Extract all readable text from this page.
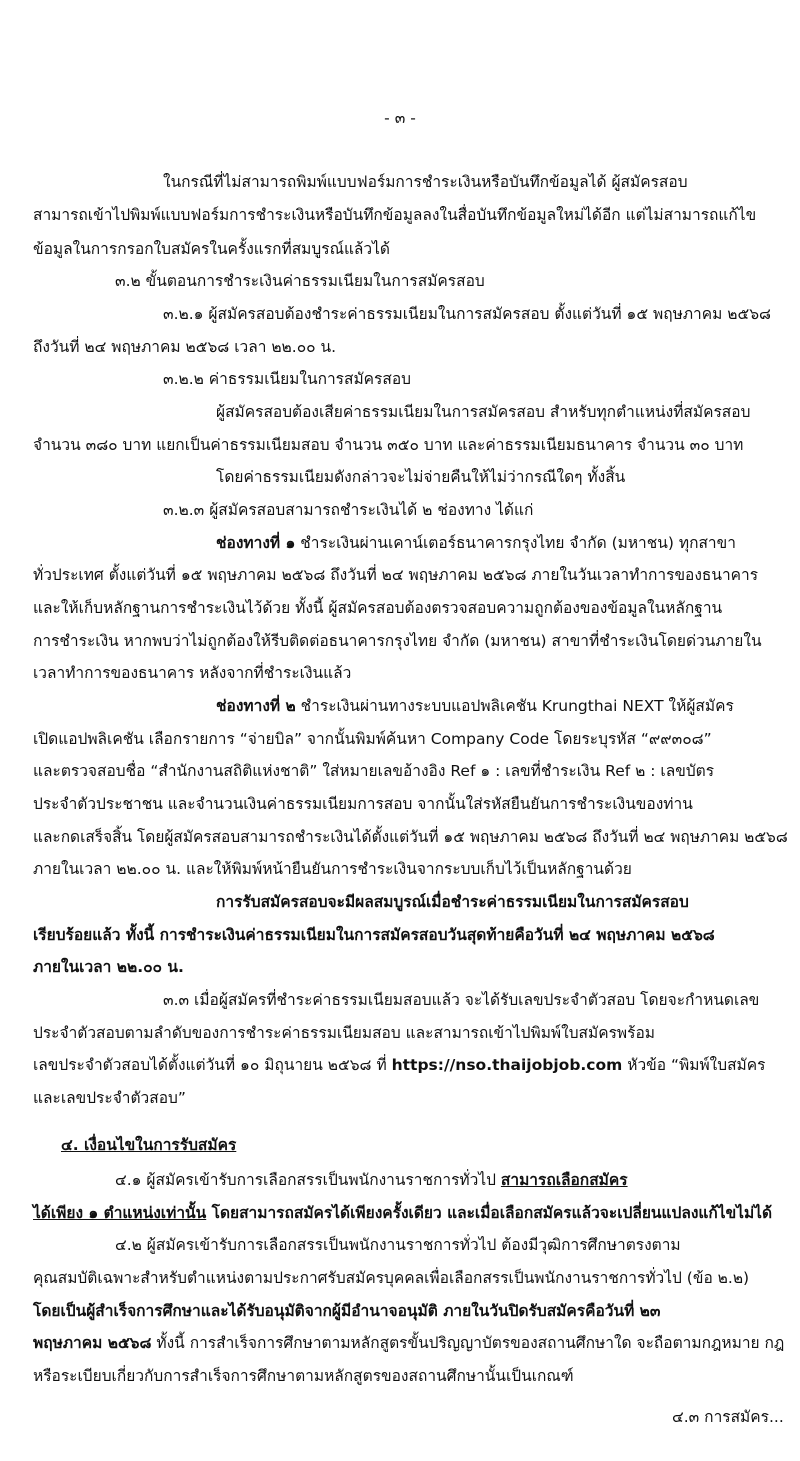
- ๓ -
ในกรณีที่ไม่สามารถพิมพ์แบบฟอร์มการชำระเงินหรือบันทึกข้อมูลได้ ผู้สมัครสอบ
สามารถเข้าไปพิมพ์แบบฟอร์มการชำระเงินหรือบันทึกข้อมูลลงในสื่อบันทึกข้อมูลใหม่ได้อีก แต่ไม่สามารถแก้ไข
ข้อมูลในการกรอกใบสมัครในครั้งแรกที่สมบูรณ์แล้วได้
๓.๒ ขั้นตอนการชำระเงินค่าธรรมเนียมในการสมัครสอบ
๓.๒.๑ ผู้สมัครสอบต้องชำระค่าธรรมเนียมในการสมัครสอบ ตั้งแต่วันที่ ๑๕ พฤษภาคม ๒๕๖๘
ถึงวันที่ ๒๔ พฤษภาคม ๒๕๖๘ เวลา ๒๒.๐๐ น.
๓.๒.๒ ค่าธรรมเนียมในการสมัครสอบ
ผู้สมัครสอบต้องเสียค่าธรรมเนียมในการสมัครสอบ สำหรับทุกตำแหน่งที่สมัครสอบ
จำนวน ๓๘๐ บาท แยกเป็นค่าธรรมเนียมสอบ จำนวน ๓๕๐ บาท และค่าธรรมเนียมธนาคาร จำนวน ๓๐ บาท
โดยค่าธรรมเนียมดังกล่าวจะไม่จ่ายคืนให้ไม่ว่ากรณีใดๆ ทั้งสิ้น
๓.๒.๓ ผู้สมัครสอบสามารถชำระเงินได้ ๒ ช่องทาง ได้แก่
ช่องทางที่ ๑ ชำระเงินผ่านเคาน์เตอร์ธนาคารกรุงไทย จำกัด (มหาชน) ทุกสาขา
ทั่วประเทศ ตั้งแต่วันที่ ๑๕ พฤษภาคม ๒๕๖๘ ถึงวันที่ ๒๔ พฤษภาคม ๒๕๖๘ ภายในวันเวลาทำการของธนาคาร
และให้เก็บหลักฐานการชำระเงินไว้ด้วย ทั้งนี้ ผู้สมัครสอบต้องตรวจสอบความถูกต้องของข้อมูลในหลักฐาน
การชำระเงิน หากพบว่าไม่ถูกต้องให้รีบติดต่อธนาคารกรุงไทย จำกัด (มหาชน) สาขาที่ชำระเงินโดยด่วนภายใน
เวลาทำการของธนาคาร หลังจากที่ชำระเงินแล้ว
ช่องทางที่ ๒ ชำระเงินผ่านทางระบบแอปพลิเคชัน Krungthai NEXT ให้ผู้สมัคร
เปิดแอปพลิเคชัน เลือกรายการ “จ่ายบิล” จากนั้นพิมพ์ค้นหา Company Code โดยระบุรหัส “๙๙๓๐๘”
และตรวจสอบชื่อ “สำนักงานสถิติแห่งชาติ” ใส่หมายเลขอ้างอิง Ref ๑ : เลขที่ชำระเงิน Ref ๒ : เลขบัตร
ประจำตัวประชาชน และจำนวนเงินค่าธรรมเนียมการสอบ จากนั้นใส่รหัสยืนยันการชำระเงินของท่าน
และกดเสร็จสิ้น โดยผู้สมัครสอบสามารถชำระเงินได้ตั้งแต่วันที่ ๑๕ พฤษภาคม ๒๕๖๘ ถึงวันที่ ๒๔ พฤษภาคม ๒๕๖๘
ภายในเวลา ๒๒.๐๐ น. และให้พิมพ์หน้ายืนยันการชำระเงินจากระบบเก็บไว้เป็นหลักฐานด้วย
การรับสมัครสอบจะมีผลสมบูรณ์เมื่อชำระค่าธรรมเนียมในการสมัครสอบ
เรียบร้อยแล้ว ทั้งนี้ การชำระเงินค่าธรรมเนียมในการสมัครสอบวันสุดท้ายคือวันที่ ๒๔ พฤษภาคม ๒๕๖๘
ภายในเวลา ๒๒.๐๐ น.
๓.๓ เมื่อผู้สมัครที่ชำระค่าธรรมเนียมสอบแล้ว จะได้รับเลขประจำตัวสอบ โดยจะกำหนดเลข
ประจำตัวสอบตามลำดับของการชำระค่าธรรมเนียมสอบ และสามารถเข้าไปพิมพ์ใบสมัครพร้อม
เลขประจำตัวสอบได้ตั้งแต่วันที่ ๑๐ มิถุนายน ๒๕๖๘ ที่ https://nso.thaijobjob.com หัวข้อ “พิมพ์ใบสมัคร
และเลขประจำตัวสอบ”
๔. เงื่อนไขในการรับสมัคร
๔.๑ ผู้สมัครเข้ารับการเลือกสรรเป็นพนักงานราชการทั่วไป สามารถเลือกสมัคร
ได้เพียง ๑ ตำแหน่งเท่านั้น โดยสามารถสมัครได้เพียงครั้งเดียว และเมื่อเลือกสมัครแล้วจะเปลี่ยนแปลงแก้ไขไม่ได้
๔.๒ ผู้สมัครเข้ารับการเลือกสรรเป็นพนักงานราชการทั่วไป ต้องมีวุฒิการศึกษาตรงตาม
คุณสมบัติเฉพาะสำหรับตำแหน่งตามประกาศรับสมัครบุคคลเพื่อเลือกสรรเป็นพนักงานราชการทั่วไป (ข้อ ๒.๒)
โดยเป็นผู้สำเร็จการศึกษาและได้รับอนุมัติจากผู้มีอำนาจอนุมัติ ภายในวันปิดรับสมัครคือวันที่ ๒๓
พฤษภาคม ๒๕๖๘ ทั้งนี้ การสำเร็จการศึกษาตามหลักสูตรขั้นปริญญาบัตรของสถานศึกษาใด จะถือตามกฎหมาย กฎ
หรือระเบียบเกี่ยวกับการสำเร็จการศึกษาตามหลักสูตรของสถานศึกษานั้นเป็นเกณฑ์
๔.๓ การสมัคร...
